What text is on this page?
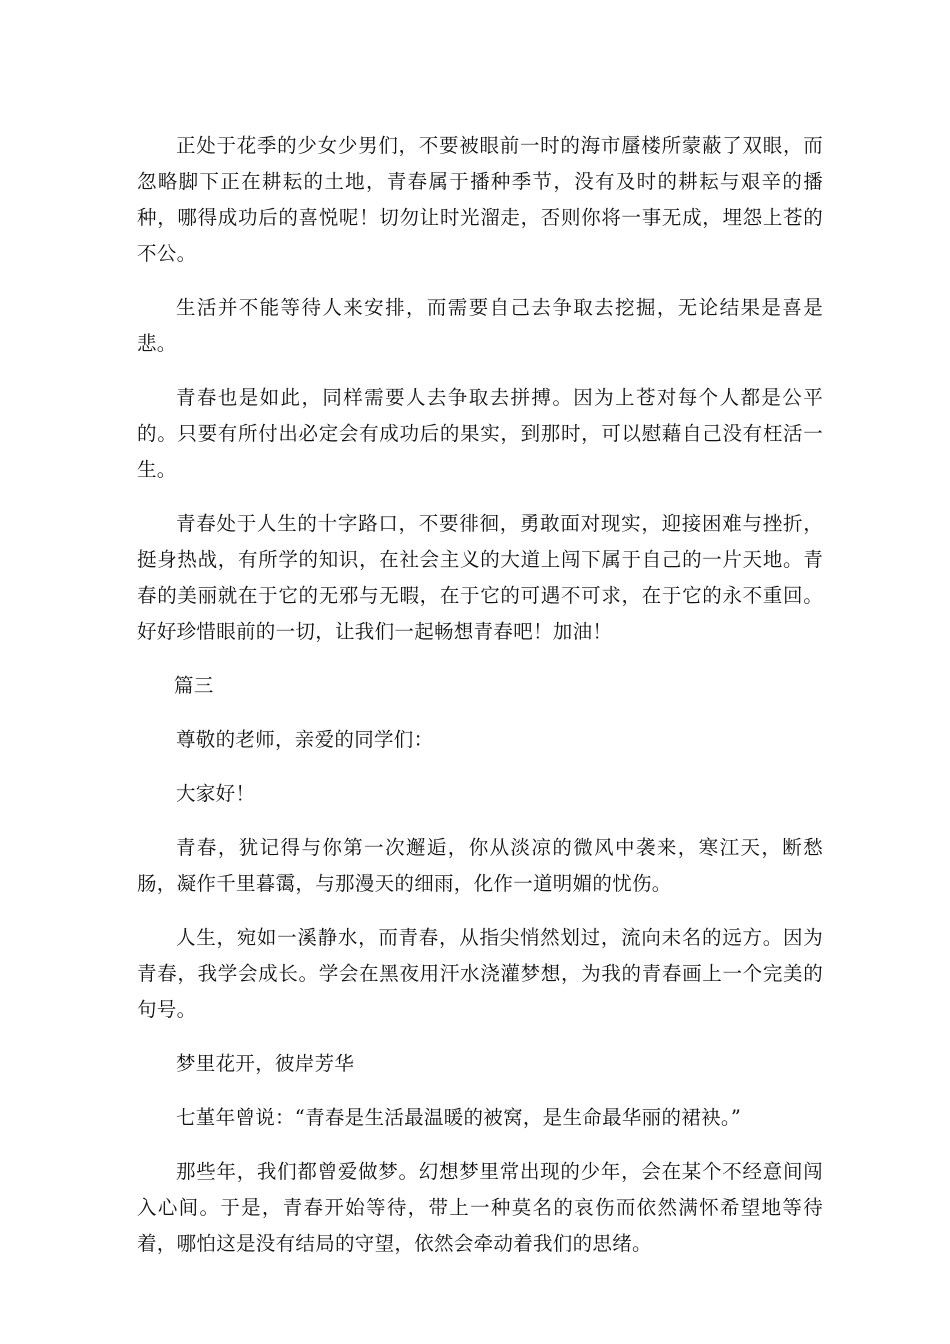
正处于花季的少女少男们，不要被眼前一时的海市蜃楼所蒙蔽了双眼，而忽略脚下正在耕耘的土地，青春属于播种季节，没有及时的耕耘与艰辛的播种，哪得成功后的喜悦呢！切勿让时光溜走，否则你将一事无成，埋怨上苍的不公。

生活并不能等待人来安排，而需要自己去争取去挖掘，无论结果是喜是悲。

青春也是如此，同样需要人去争取去拼搏。因为上苍对每个人都是公平的。只要有所付出必定会有成功后的果实，到那时，可以慰藉自己没有枉活一生。

青春处于人生的十字路口，不要徘徊，勇敢面对现实，迎接困难与挫折，挺身热战，有所学的知识，在社会主义的大道上闯下属于自己的一片天地。青春的美丽就在于它的无邪与无暇，在于它的可遇不可求，在于它的永不重回。好好珍惜眼前的一切，让我们一起畅想青春吧！加油！

篇三

尊敬的老师，亲爱的同学们：

大家好！

青春，犹记得与你第一次邂逅，你从淡凉的微风中袭来，寒江天，断愁肠，凝作千里暮霭，与那漫天的细雨，化作一道明媚的忧伤。

人生，宛如一溪静水，而青春，从指尖悄然划过，流向未名的远方。因为青春，我学会成长。学会在黑夜用汗水浇灌梦想，为我的青春画上一个完美的句号。

梦里花开，彼岸芳华

七堇年曾说：“青春是生活最温暖的被窝，是生命最华丽的裙袂。”

那些年，我们都曾爱做梦。幻想梦里常出现的少年，会在某个不经意间闯入心间。于是，青春开始等待，带上一种莫名的哀伤而依然满怀希望地等待着，哪怕这是没有结局的守望，依然会牵动着我们的思绪。
